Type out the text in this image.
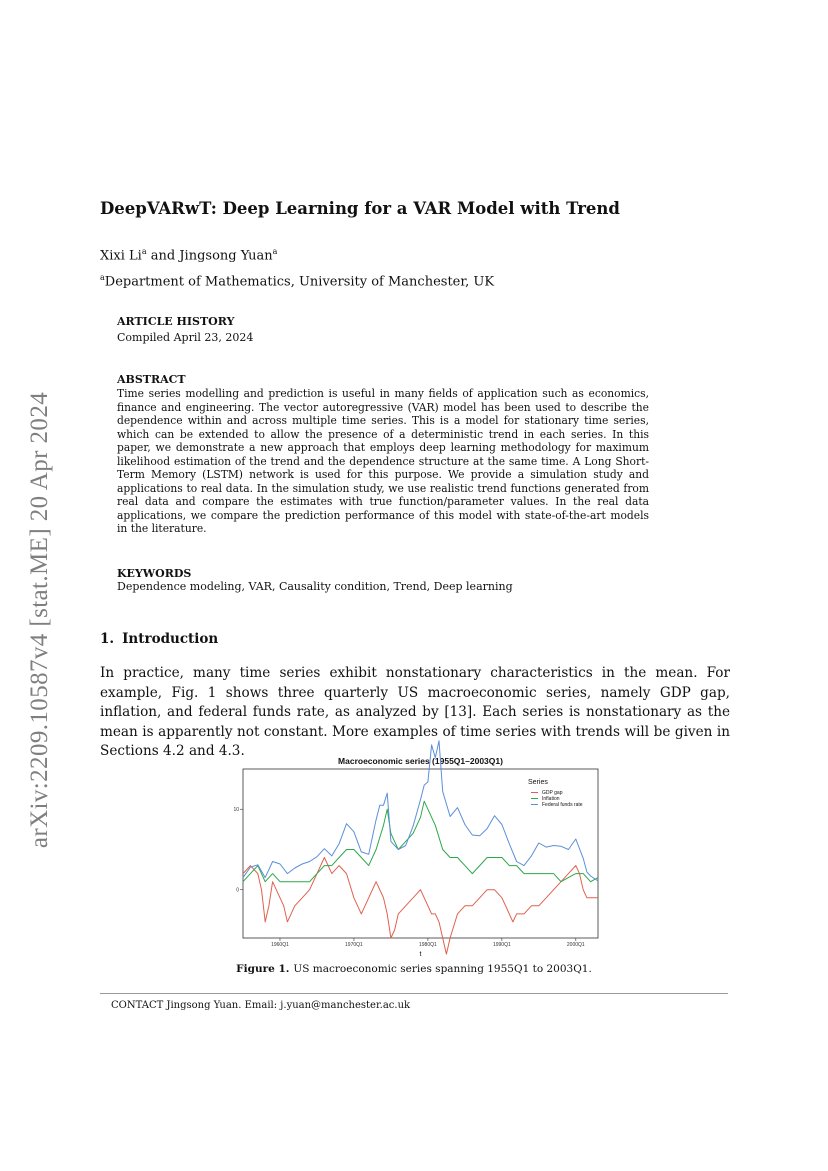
arXiv:2209.10587v4 [stat.ME] 20 Apr 2024
DeepVARwT: Deep Learning for a VAR Model with Trend
Xixi Li$^a$ and Jingsong Yuan$^a$
$^a$Department of Mathematics, University of Manchester, UK
ARTICLE HISTORY
Compiled April 23, 2024
ABSTRACT

Time series modelling and prediction is useful in many fields of application such as economics, finance and engineering. The vector autoregressive (VAR) model has been used to describe the dependence within and across multiple time series. This is a model for stationary time series, which can be extended to allow the presence of a deterministic trend in each series. In this paper, we demonstrate a new approach that employs deep learning methodology for maximum likelihood estimation of the trend and the dependence structure at the same time. A Long Short-Term Memory (LSTM) network is used for this purpose. We provide a simulation study and applications to real data. In the simulation study, we use realistic trend functions generated from real data and compare the estimates with true function/parameter values. In the real data applications, we compare the prediction performance of this model with state-of-the-art models in the literature.

KEYWORDS
Dependence modeling, VAR, Causality condition, Trend, Deep learning
1. Introduction

In practice, many time series exhibit nonstationary characteristics in the mean. For example, Fig. 1 shows three quarterly US macroeconomic series, namely GDP gap, inflation, and federal funds rate, as analyzed by [13]. Each series is nonstationary as the mean is apparently not constant. More examples of time series with trends will be given in Sections 4.2 and 4.3.

Macroeconomic series (1955Q1–2003Q1)
1960Q1	1970Q1	1980Q1	1990Q1	2000Q1
0
10
t
Series
GDP gap
Inflation
Federal funds rate
Figure 1. US macroeconomic series spanning 1955Q1 to 2003Q1.
CONTACT Jingsong Yuan. Email: j.yuan@manchester.ac.uk
